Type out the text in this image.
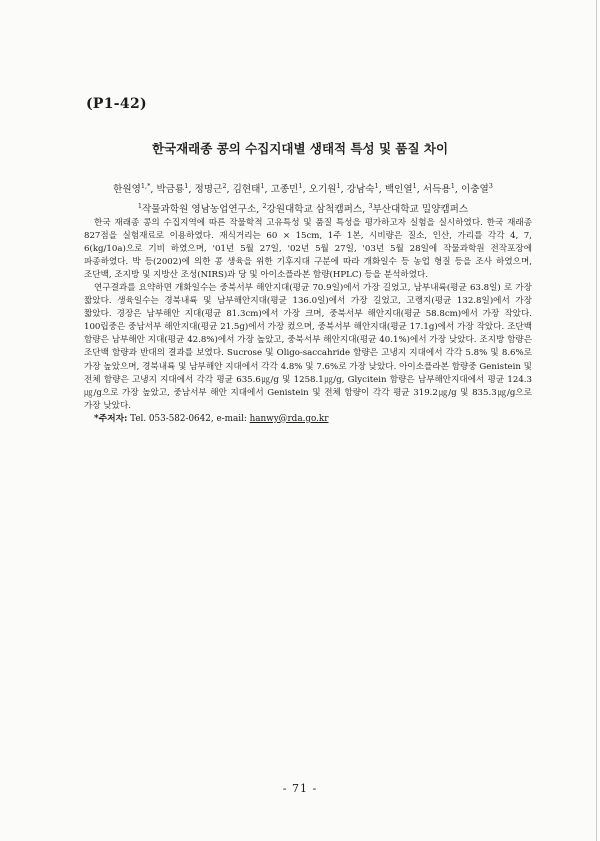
(P1-42)
한국재래종 콩의 수집지대별 생태적 특성 및 품질 차이
한원영$^{1,*}$, 박금룡$^1$, 정명근$^2$, 김현태$^1$, 고종민$^1$, 오기원$^1$, 강남숙$^1$, 백인열$^1$, 서득용$^1$, 이충열$^3$
$^1$작물과학원 영남농업연구소, $^2$강원대학교 삼척캠퍼스, $^3$부산대학교 밀양캠퍼스

한국 재래종 콩의 수집지역에 따른 작물학적 고유특성 및 품질 특성을 평가하고자 실험을 실시하였다. 한국 재래종 827점을 실험재료로 이용하였다. 재식거리는 60 × 15cm, 1주 1본, 시비량은 질소, 인산, 가리를 각각 4, 7, 6(kg/10a)으로 기비 하였으며, '01년 5월 27일, '02년 5월 27일, '03년 5월 28일에 작물과학원 전작포장에 파종하였다. 박 등(2002)에 의한 콩 생육을 위한 기후지대 구분에 따라 개화일수 등 농업 형질 등을 조사 하였으며, 조단백, 조지방 및 지방산 조성(NIRS)과 당 및 아이소플라본 함량(HPLC) 등을 분석하였다.

연구결과를 요약하면 개화일수는 중북서부 해안지대(평균 70.9일)에서 가장 길었고, 남부내륙(평균 63.8일) 로 가장 짧았다. 생육일수는 경북내륙 및 남부해안지대(평균 136.0일)에서 가장 길었고, 고랭지(평균 132.8일)에서 가장 짧았다. 경장은 남부해안 지대(평균 81.3cm)에서 가장 크며, 중북서부 해안지대(평균 58.8cm)에서 가장 작았다. 100립중은 중남서부 해안지대(평균 21.5g)에서 가장 컸으며, 중북서부 해안지대(평균 17.1g)에서 가장 작았다. 조단백 함량은 남부해안 지대(평균 42.8%)에서 가장 높았고, 중북서부 해안지대(평균 40.1%)에서 가장 낮았다. 조지방 함량은 조단백 함량과 반대의 결과를 보였다. Sucrose 및 Oligo-saccahride 함량은 고냉지 지대에서 각각 5.8% 및 8.6%로 가장 높았으며, 경북내륙 및 남부해안 지대에서 각각 4.8% 및 7.6%로 가장 낮았다. 아이소플라본 함량중 Genistein 및 전체 함량은 고냉지 지대에서 각각 평균 635.6㎍/g 및 1258.1㎍/g, Glycitein 함량은 남부해안지대에서 평균 124.3㎍/g으로 가장 높았고, 중남서부 해안 지대에서 Genistein 및 전체 함량이 각각 평균 319.2㎍/g 및 835.3㎍/g으로 가장 낮았다.

*주저자: Tel. 053-582-0642, e-mail: hanwy@rda.go.kr

- 71 -
